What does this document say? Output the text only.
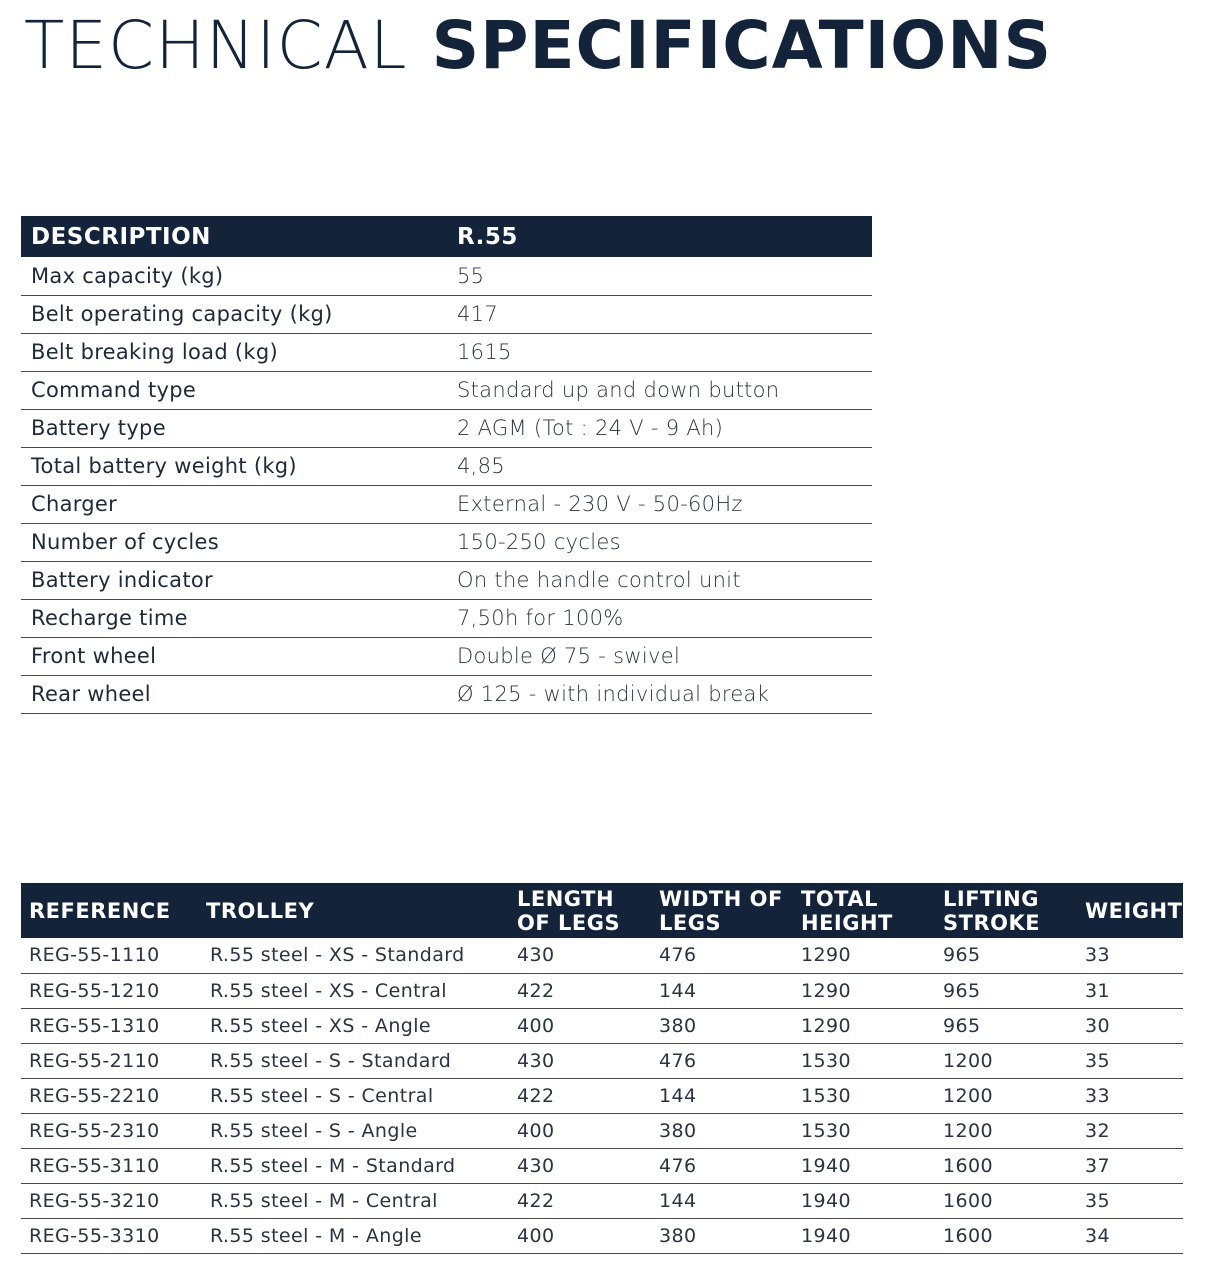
TECHNICAL SPECIFICATIONS
DESCRIPTION	R.55
Max capacity (kg)	55
Belt operating capacity (kg)	417
Belt breaking load (kg)	1615
Command type	Standard up and down button
Battery type	2 AGM (Tot : 24 V - 9 Ah)
Total battery weight (kg)	4,85
Charger	External - 230 V - 50-60Hz
Number of cycles	150-250 cycles
Battery indicator	On the handle control unit
Recharge time	7,50h for 100%
Front wheel	Double Ø 75 - swivel
Rear wheel	Ø 125 - with individual break
REFERENCE	TROLLEY	LENGTH OF LEGS	WIDTH OF LEGS	TOTAL HEIGHT	LIFTING STROKE	WEIGHT
REG-55-1110	R.55 steel - XS - Standard	430	476	1290	965	33
REG-55-1210	R.55 steel - XS - Central	422	144	1290	965	31
REG-55-1310	R.55 steel - XS - Angle	400	380	1290	965	30
REG-55-2110	R.55 steel - S - Standard	430	476	1530	1200	35
REG-55-2210	R.55 steel - S - Central	422	144	1530	1200	33
REG-55-2310	R.55 steel - S - Angle	400	380	1530	1200	32
REG-55-3110	R.55 steel - M - Standard	430	476	1940	1600	37
REG-55-3210	R.55 steel - M - Central	422	144	1940	1600	35
REG-55-3310	R.55 steel - M - Angle	400	380	1940	1600	34
